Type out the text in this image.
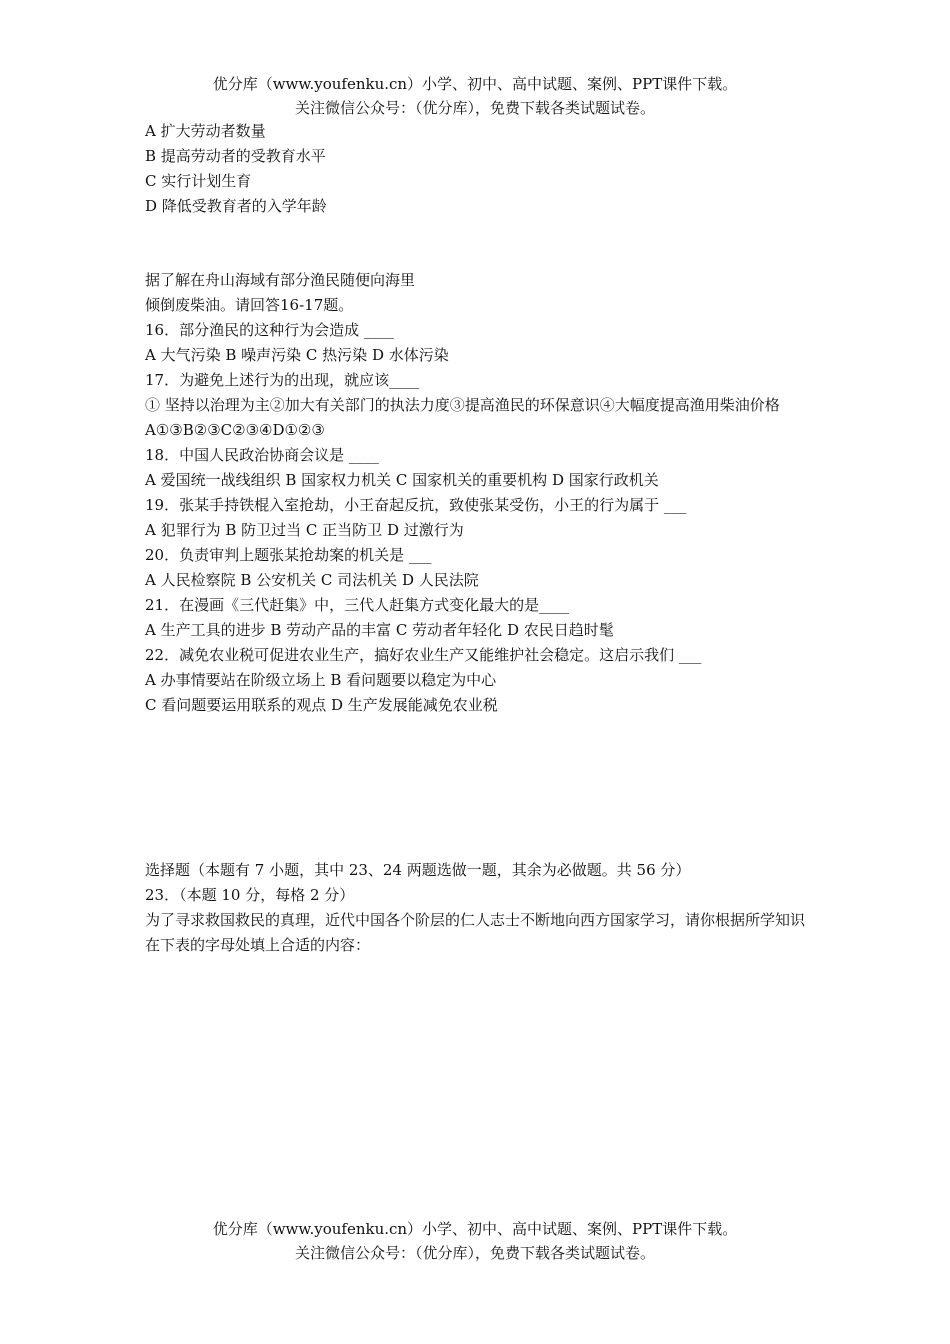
优分库（www.youfenku.cn）小学、初中、高中试题、案例、PPT课件下载。
关注微信公众号：（优分库），免费下载各类试题试卷。
A 扩大劳动者数量
B 提高劳动者的受教育水平
C 实行计划生育
D 降低受教育者的入学年龄
据了解在舟山海域有部分渔民随便向海里
倾倒废柴油。请回答16-17题。
16．部分渔民的这种行为会造成 ____
A 大气污染 B 噪声污染 C 热污染 D 水体污染
17．为避免上述行为的出现，就应该____
① 坚持以治理为主②加大有关部门的执法力度③提高渔民的环保意识④大幅度提高渔用柴油价格
A①③B②③C②③④D①②③
18．中国人民政治协商会议是 ____
A 爱国统一战线组织 B 国家权力机关 C 国家机关的重要机构 D 国家行政机关
19．张某手持铁棍入室抢劫，小王奋起反抗，致使张某受伤，小王的行为属于 ___
A 犯罪行为 B 防卫过当 C 正当防卫 D 过激行为
20．负责审判上题张某抢劫案的机关是 ___
A 人民检察院 B 公安机关 C 司法机关 D 人民法院
21．在漫画《三代赶集》中，三代人赶集方式变化最大的是____
A 生产工具的进步 B 劳动产品的丰富 C 劳动者年轻化 D 农民日趋时髦
22．减免农业税可促进农业生产，搞好农业生产又能维护社会稳定。这启示我们 ___
A 办事情要站在阶级立场上 B 看问题要以稳定为中心
C 看问题要运用联系的观点 D 生产发展能减免农业税
选择题（本题有 7 小题，其中 23、24 两题选做一题，其余为必做题。共 56 分）
23．（本题 10 分，每格 2 分）
为了寻求救国救民的真理，近代中国各个阶层的仁人志士不断地向西方国家学习，请你根据所学知识在下表的字母处填上合适的内容：
优分库（www.youfenku.cn）小学、初中、高中试题、案例、PPT课件下载。
关注微信公众号：（优分库），免费下载各类试题试卷。
